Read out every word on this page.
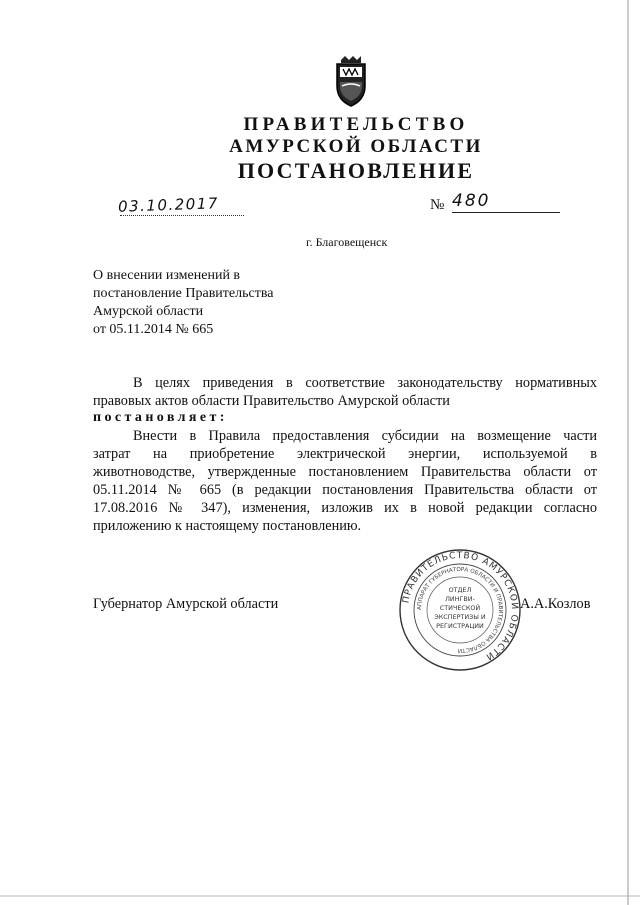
ПРАВИТЕЛЬСТВО
АМУРСКОЙ ОБЛАСТИ
ПОСТАНОВЛЕНИЕ
03.10.2017	№ 480
г. Благовещенск
О внесении изменений в
постановление Правительства
Амурской области
от 05.11.2014 № 665
В целях приведения в соответствие законодательству нормативных
правовых актов области Правительство Амурской области
постановляет:
Внести в Правила предоставления субсидии на возмещение части
затрат на приобретение электрической энергии, используемой в
животноводстве, утвержденные постановлением Правительства области от
05.11.2014 № 665 (в редакции постановления Правительства области от
17.08.2016 № 347), изменения, изложив их в новой редакции согласно
приложению к настоящему постановлению.
Губернатор Амурской области	ПРАВИТЕЛЬСТВО АМУРСКОЙ ОБЛАСТИ
АППАРАТ ГУБЕРНАТОРА ОБЛАСТИ И ПРАВИТЕЛЬСТВА ОБЛАСТИ
ОТДЕЛ
ЛИНГВИ-
СТИЧЕСКОЙ
ЭКСПЕРТИЗЫ И
РЕГИСТРАЦИИ
А.А.Козлов
